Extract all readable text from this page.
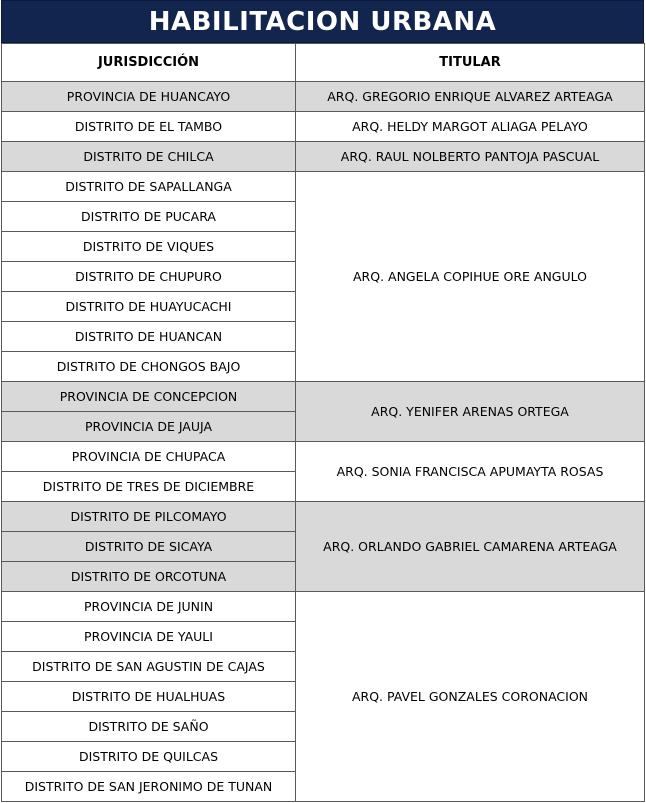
HABILITACION URBANA
JURISDICCIÓN	TITULAR
PROVINCIA DE HUANCAYO	ARQ. GREGORIO ENRIQUE ALVAREZ ARTEAGA
DISTRITO DE EL TAMBO	ARQ. HELDY MARGOT ALIAGA PELAYO
DISTRITO DE CHILCA	ARQ. RAUL NOLBERTO PANTOJA PASCUAL
DISTRITO DE SAPALLANGA	ARQ. ANGELA COPIHUE ORE ANGULO
DISTRITO DE PUCARA	
DISTRITO DE VIQUES	
DISTRITO DE CHUPURO	
DISTRITO DE HUAYUCACHI	
DISTRITO DE HUANCAN	
DISTRITO DE CHONGOS BAJO	
PROVINCIA DE CONCEPCION	ARQ. YENIFER ARENAS ORTEGA
PROVINCIA DE JAUJA	
PROVINCIA DE CHUPACA	ARQ. SONIA FRANCISCA APUMAYTA ROSAS
DISTRITO DE TRES DE DICIEMBRE	
DISTRITO DE PILCOMAYO	ARQ. ORLANDO GABRIEL CAMARENA ARTEAGA
DISTRITO DE SICAYA	
DISTRITO DE ORCOTUNA	
PROVINCIA DE JUNIN	ARQ. PAVEL GONZALES CORONACION
PROVINCIA DE YAULI	
DISTRITO DE SAN AGUSTIN DE CAJAS	
DISTRITO DE HUALHUAS	
DISTRITO DE SAÑO	
DISTRITO DE QUILCAS	
DISTRITO DE SAN JERONIMO DE TUNAN	
